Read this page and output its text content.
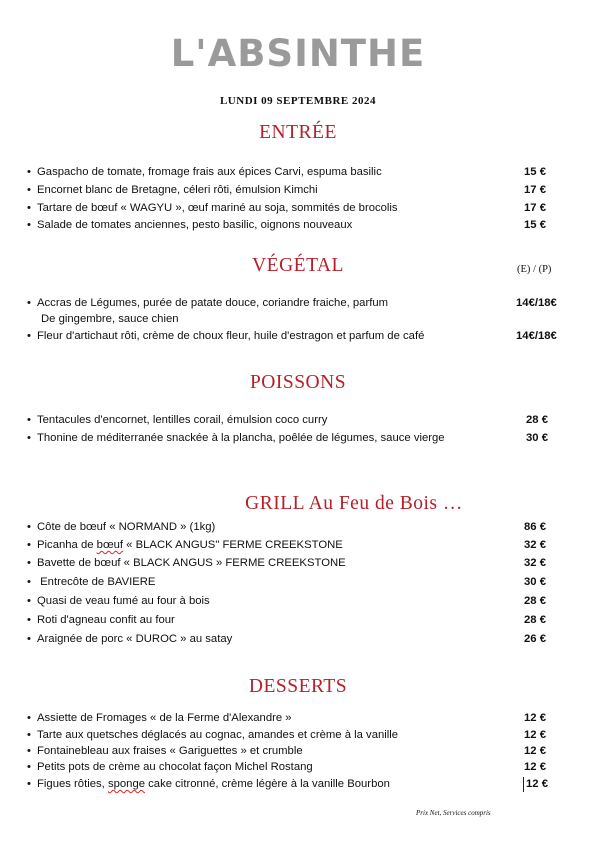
L'ABSINTHE
LUNDI 09 SEPTEMBRE 2024
ENTRÉE
• Gaspacho de tomate, fromage frais aux épices Carvi, espuma basilic	15 €
• Encornet blanc de Bretagne, céleri rôti, émulsion Kimchi	17 €
• Tartare de bœuf « WAGYU », œuf mariné au soja, sommités de brocolis	17 €
• Salade de tomates anciennes, pesto basilic, oignons nouveaux	15 €
VÉGÉTAL	(E) / (P)
• Accras de Légumes, purée de patate douce, coriandre fraiche, parfum	14€/18€
De gingembre, sauce chien
• Fleur d'artichaut rôti, crème de choux fleur, huile d'estragon et parfum de café	14€/18€
POISSONS
• Tentacules d'encornet, lentilles corail, émulsion coco curry	28 €
• Thonine de méditerranée snackée à la plancha, poêlée de légumes, sauce vierge	30 €
GRILL Au Feu de Bois …
• Côte de bœuf « NORMAND » (1kg)	86 €
• Picanha de bœuf « BLACK ANGUS" FERME CREEKSTONE	32 €
• Bavette de bœuf « BLACK ANGUS » FERME CREEKSTONE	32 €
• Entrecôte de BAVIERE	30 €
• Quasi de veau fumé au four à bois	28 €
• Roti d'agneau confit au four	28 €
• Araignée de porc « DUROC » au satay	26 €
DESSERTS
• Assiette de Fromages « de la Ferme d'Alexandre »	12 €
• Tarte aux quetsches déglacés au cognac, amandes et crème à la vanille	12 €
• Fontainebleau aux fraises « Gariguettes » et crumble	12 €
• Petits pots de crème au chocolat façon Michel Rostang	12 €
• Figues rôties, sponge cake citronné, crème légère à la vanille Bourbon	12 €
Prix Net, Services compris
